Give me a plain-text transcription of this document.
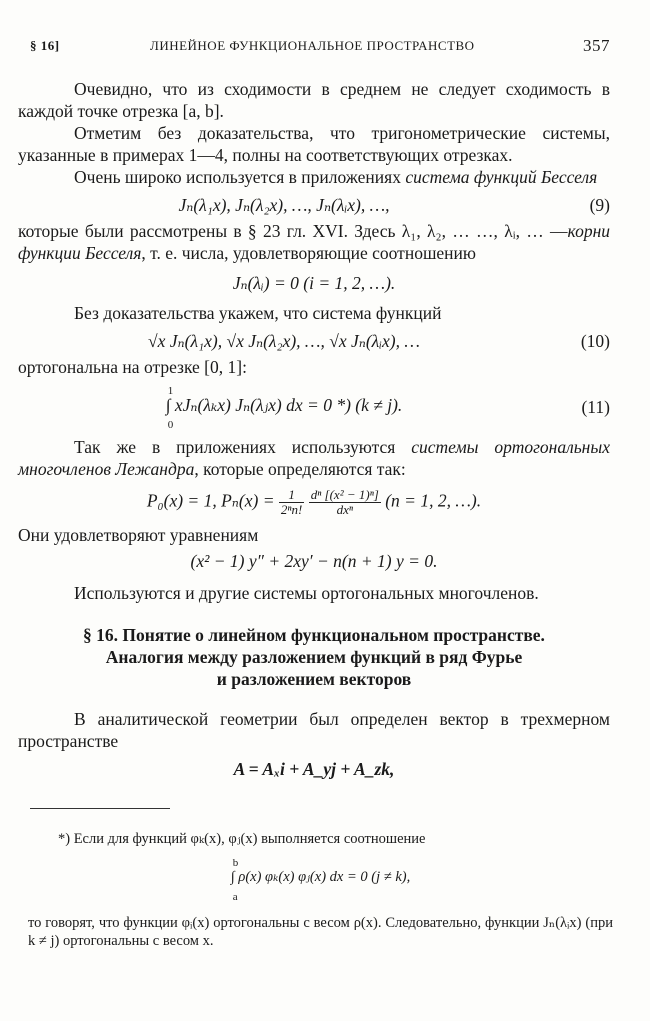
§ 16]	ЛИНЕЙНОЕ ФУНКЦИОНАЛЬНОЕ ПРОСТРАНСТВО	357

Очевидно, что из сходимости в среднем не следует сходимость в каждой точке отрезка [a, b].

Отметим без доказательства, что тригонометрические системы, указанные в примерах 1—4, полны на соответствующих отрезках.

Очень широко используется в приложениях система функций Бесселя

Jₙ(λ₁x), Jₙ(λ₂x), …, Jₙ(λᵢx), …,	(9)

которые были рассмотрены в § 23 гл. XVI. Здесь λ₁, λ₂, … …, λᵢ, … —корни функции Бесселя, т. е. числа, удовлетворяющие соотношению

Jₙ(λᵢ) = 0 (i = 1, 2, …).

Без доказательства укажем, что система функций

√x Jₙ(λ₁x), √x Jₙ(λ₂x), …, √x Jₙ(λᵢx), …	(10)

ортогональна на отрезке [0, 1]:

1
0
∫ xJₙ(λₖx) Jₙ(λⱼx) dx = 0 *) (k ≠ j).	(11)

Так же в приложениях используются системы ортогональных многочленов Лежандра, которые определяются так:

P₀(x) = 1, $P_n(x) = \frac{1}{\text{2ⁿn!}}$
$\frac{\text{dⁿ [(x² − 1)ⁿ]}}{\text{dxⁿ}} (n = 1$, 2, …).

Они удовлетворяют уравнениям

(x² − 1) y″ + 2xy′ − n(n + 1) y = 0.

Используются и другие системы ортогональных многочленов.

§ 16. Понятие о линейном функциональном пространстве.

Аналогия между разложением функций в ряд Фурье

и разложением векторов

В аналитической геометрии был определен вектор в трехмерном пространстве

A = Aₓi + A_yj + A_zk,
*) Если для функций φₖ(x), φⱼ(x) выполняется соотношение
b
a
∫ ρ(x) φₖ(x) φⱼ(x) dx = 0 (j ≠ k),
то говорят, что функции φᵢ(x) ортогональны с весом ρ(x). Следовательно, функции Jₙ(λᵢx) (при k ≠ j) ортогональны с весом x.
